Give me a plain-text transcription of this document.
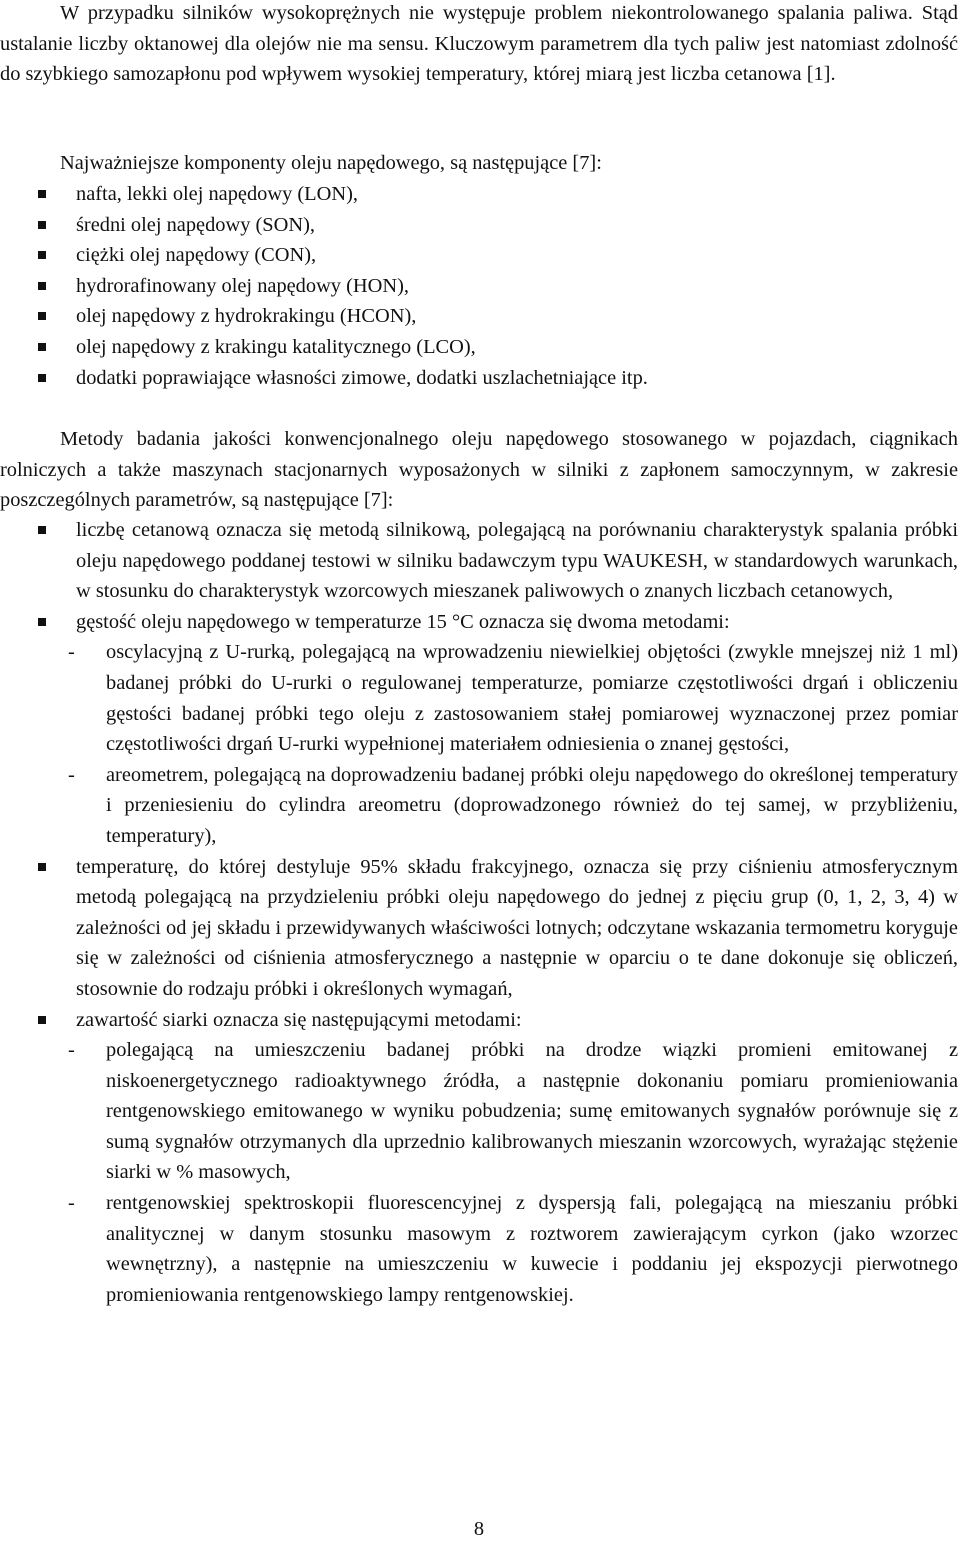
W przypadku silników wysokoprężnych nie występuje problem niekontrolowanego spalania paliwa. Stąd ustalanie liczby oktanowej dla olejów nie ma sensu. Kluczowym parametrem dla tych paliw jest natomiast zdolność do szybkiego samozapłonu pod wpływem wysokiej temperatury, której miarą jest liczba cetanowa [1].

Najważniejsze komponenty oleju napędowego, są następujące [7]:

nafta, lekki olej napędowy (LON),
średni olej napędowy (SON),
ciężki olej napędowy (CON),
hydrorafinowany olej napędowy (HON),
olej napędowy z hydrokrakingu (HCON),
olej napędowy z krakingu katalitycznego (LCO),
dodatki poprawiające własności zimowe, dodatki uszlachetniające itp.

Metody badania jakości konwencjonalnego oleju napędowego stosowanego w pojazdach, ciągnikach rolniczych a także maszynach stacjonarnych wyposażonych w silniki z zapłonem samoczynnym, w zakresie poszczególnych parametrów, są następujące [7]:

liczbę cetanową oznacza się metodą silnikową, polegającą na porównaniu charakterystyk spalania próbki oleju napędowego poddanej testowi w silniku badawczym typu WAUKESH, w standardowych warunkach, w stosunku do charakterystyk wzorcowych mieszanek paliwowych o znanych liczbach cetanowych,
gęstość oleju napędowego w temperaturze 15 °C oznacza się dwoma metodami:
- oscylacyjną z U-rurką, polegającą na wprowadzeniu niewielkiej objętości (zwykle mnejszej niż 1 ml) badanej próbki do U-rurki o regulowanej temperaturze, pomiarze częstotliwości drgań i obliczeniu gęstości badanej próbki tego oleju z zastosowaniem stałej pomiarowej wyznaczonej przez pomiar częstotliwości drgań U-rurki wypełnionej materiałem odniesienia o znanej gęstości,
- areometrem, polegającą na doprowadzeniu badanej próbki oleju napędowego do określonej temperatury i przeniesieniu do cylindra areometru (doprowadzonego również do tej samej, w przybliżeniu, temperatury),
temperaturę, do której destyluje 95% składu frakcyjnego, oznacza się przy ciśnieniu atmosferycznym metodą polegającą na przydzieleniu próbki oleju napędowego do jednej z pięciu grup (0, 1, 2, 3, 4) w zależności od jej składu i przewidywanych właściwości lotnych; odczytane wskazania termometru koryguje się w zależności od ciśnienia atmosferycznego a następnie w oparciu o te dane dokonuje się obliczeń, stosownie do rodzaju próbki i określonych wymagań,
zawartość siarki oznacza się następującymi metodami:
- polegającą na umieszczeniu badanej próbki na drodze wiązki promieni emitowanej z niskoenergetycznego radioaktywnego źródła, a następnie dokonaniu pomiaru promieniowania rentgenowskiego emitowanego w wyniku pobudzenia; sumę emitowanych sygnałów porównuje się z sumą sygnałów otrzymanych dla uprzednio kalibrowanych mieszanin wzorcowych, wyrażając stężenie siarki w % masowych,
- rentgenowskiej spektroskopii fluorescencyjnej z dyspersją fali, polegającą na mieszaniu próbki analitycznej w danym stosunku masowym z roztworem zawierającym cyrkon (jako wzorzec wewnętrzny), a następnie na umieszczeniu w kuwecie i poddaniu jej ekspozycji pierwotnego promieniowania rentgenowskiego lampy rentgenowskiej.
8
